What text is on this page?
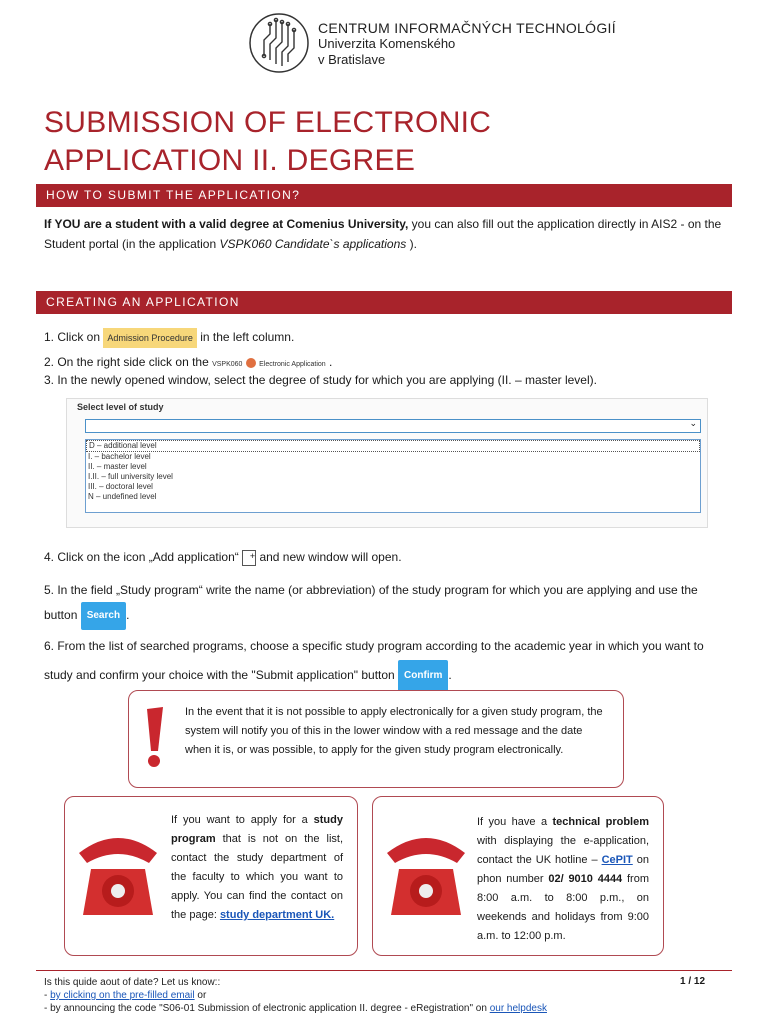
CENTRUM INFORMAČNÝCH TECHNOLÓGIÍ
Univerzita Komenského
v Bratislave
SUBMISSION OF ELECTRONIC
APPLICATION II. DEGREE
HOW TO SUBMIT THE APPLICATION?
If YOU are a student with a valid degree at Comenius University, you can also fill out the application directly in AIS2 - on the Student portal (in the application VSPK060 Candidate`s applications ).
CREATING AN APPLICATION
1. Click on Admission Procedure in the left column.
2. On the right side click on the VSPK060 Electronic Application .
3. In the newly opened window, select the degree of study for which you are applying (II. – master level).
Select level of study
⌄
D – additional level
I. – bachelor level
II. – master level
I.II. – full university level
III. – doctoral level
N – undefined level
4. Click on the icon „Add application“ + and new window will open.
5. In the field „Study program“ write the name (or abbreviation) of the study program for which you are applying and use the button Search .
6. From the list of searched programs, choose a specific study program according to the academic year in which you want to study and confirm your choice with the "Submit application" button Confirm .
In the event that it is not possible to apply electronically for a given study program, the system will notify you of this in the lower window with a red message and the date when it is, or was possible, to apply for the given study program electronically.
If you want to apply for a study program that is not on the list, contact the study department of the faculty to which you want to apply. You can find the contact on the page: study department UK.
If you have a technical problem with displaying the e-application, contact the UK hotline – CePIT on phon number 02/ 9010 4444 from 8:00 a.m. to 8:00 p.m., on weekends and holidays from 9:00 a.m. to 12:00 p.m.
Is this quide aout of date? Let us know::
- by clicking on the pre-filled email or
- by announcing the code "S06-01 Submission of electronic application II. degree - eRegistration" on our helpdesk
1 / 12
